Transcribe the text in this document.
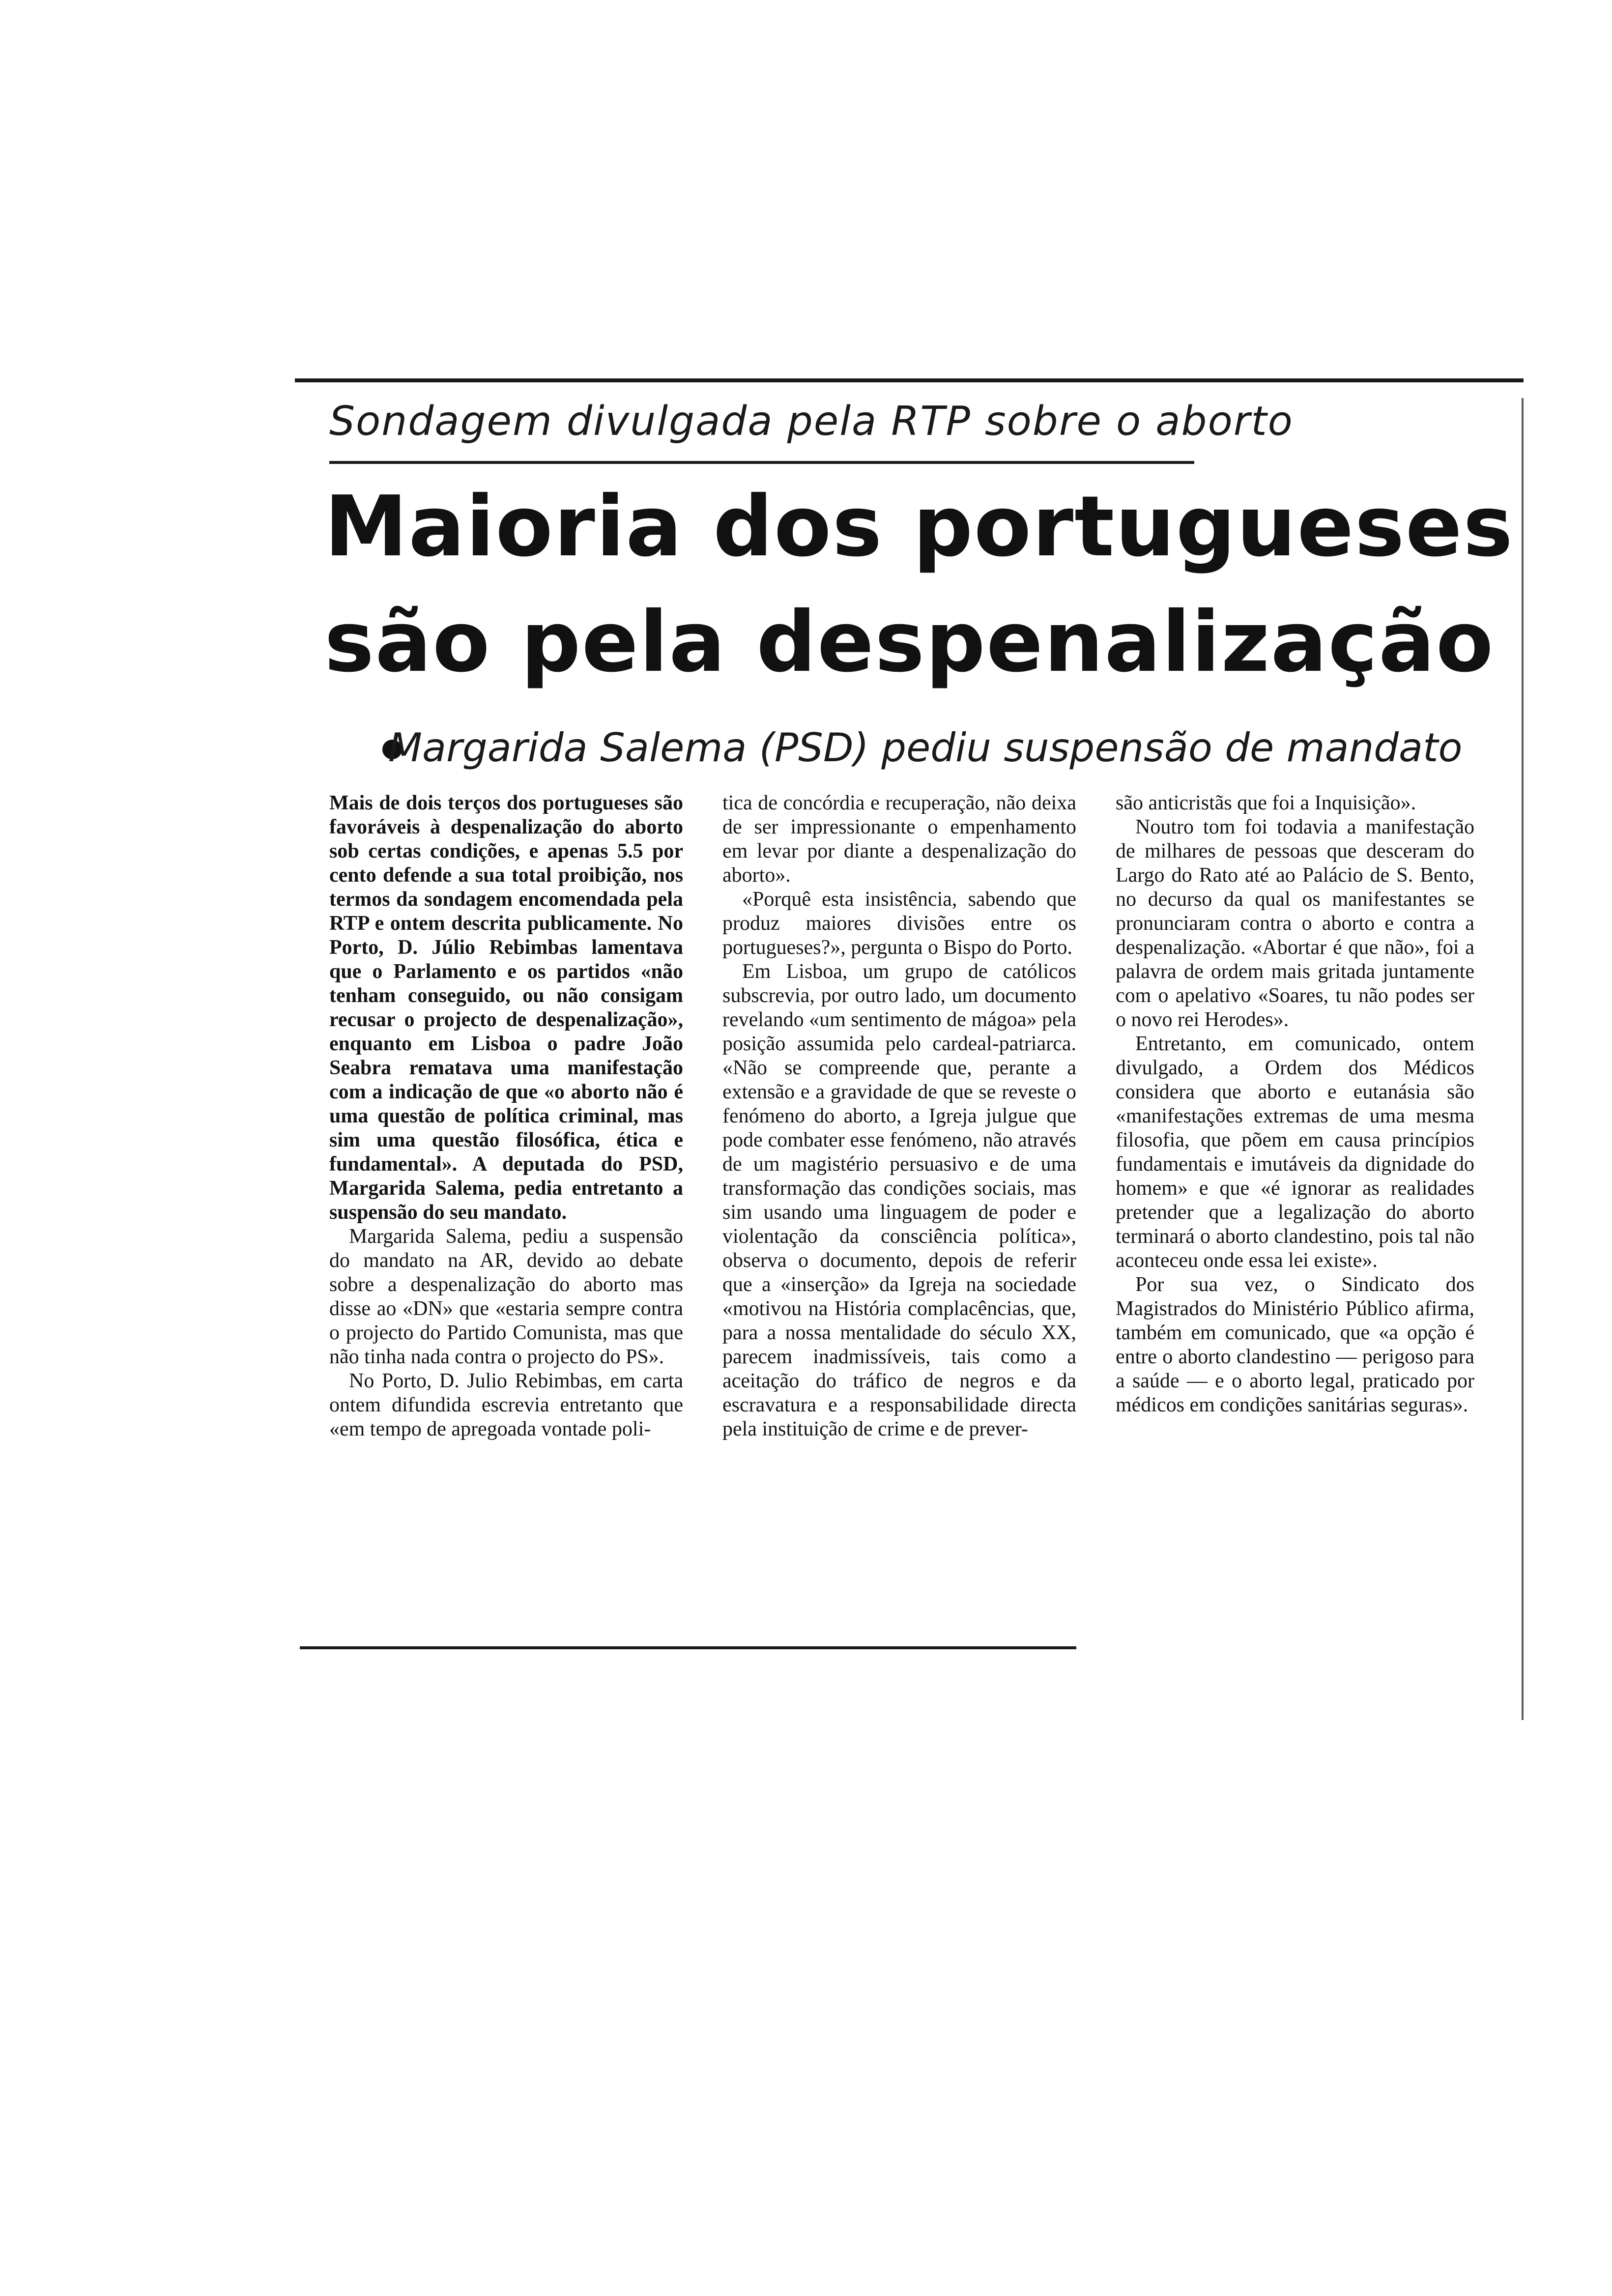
Sondagem divulgada pela RTP sobre o aborto
Maioria dos portugueses
são pela despenalização
Margarida Salema (PSD) pediu suspensão de mandato

Mais de dois terços dos portugueses são favoráveis à despenalização do aborto sob certas condições, e apenas 5.5 por cento defende a sua total proibição, nos termos da sondagem encomendada pela RTP e ontem descrita publicamente. No Porto, D. Júlio Rebimbas lamentava que o Parlamento e os partidos «não tenham conseguido, ou não consigam recusar o projecto de despenalização», enquanto em Lisboa o padre João Seabra rematava uma manifestação com a indicação de que «o aborto não é uma questão de política criminal, mas sim uma questão filosófica, ética e fundamental». A deputada do PSD, Margarida Salema, pedia entretanto a suspensão do seu mandato.

Margarida Salema, pediu a suspensão do mandato na AR, devido ao debate sobre a despenalização do aborto mas disse ao «DN» que «estaria sempre contra o projecto do Partido Comunista, mas que não tinha nada contra o projecto do PS».

No Porto, D. Julio Rebimbas, em carta ontem difundida escrevia entretanto que «em tempo de apregoada vontade poli-

tica de concórdia e recuperação, não deixa de ser impressionante o empenhamento em levar por diante a despenalização do aborto».

«Porquê esta insistência, sabendo que produz maiores divisões entre os portugueses?», pergunta o Bispo do Porto.

Em Lisboa, um grupo de católicos subscrevia, por outro lado, um documento revelando «um sentimento de mágoa» pela posição assumida pelo cardeal-patriarca. «Não se compreende que, perante a extensão e a gravidade de que se reveste o fenómeno do aborto, a Igreja julgue que pode combater esse fenómeno, não através de um magistério persuasivo e de uma transformação das condições sociais, mas sim usando uma linguagem de poder e violentação da consciência política», observa o documento, depois de referir que a «inserção» da Igreja na sociedade «motivou na História complacências, que, para a nossa mentalidade do século XX, parecem inadmissíveis, tais como a aceitação do tráfico de negros e da escravatura e a responsabilidade directa pela instituição de crime e de prever-

são anticristãs que foi a Inquisição».

Noutro tom foi todavia a manifestação de milhares de pessoas que desceram do Largo do Rato até ao Palácio de S. Bento, no decurso da qual os manifestantes se pronunciaram contra o aborto e contra a despenalização. «Abortar é que não», foi a palavra de ordem mais gritada juntamente com o apelativo «Soares, tu não podes ser o novo rei Herodes».

Entretanto, em comunicado, ontem divulgado, a Ordem dos Médicos considera que aborto e eutanásia são «manifestações extremas de uma mesma filosofia, que põem em causa princípios fundamentais e imutáveis da dignidade do homem» e que «é ignorar as realidades pretender que a legalização do aborto terminará o aborto clandestino, pois tal não aconteceu onde essa lei existe».

Por sua vez, o Sindicato dos Magistrados do Ministério Público afirma, também em comunicado, que «a opção é entre o aborto clandestino — perigoso para a saúde — e o aborto legal, praticado por médicos em condições sanitárias seguras».
